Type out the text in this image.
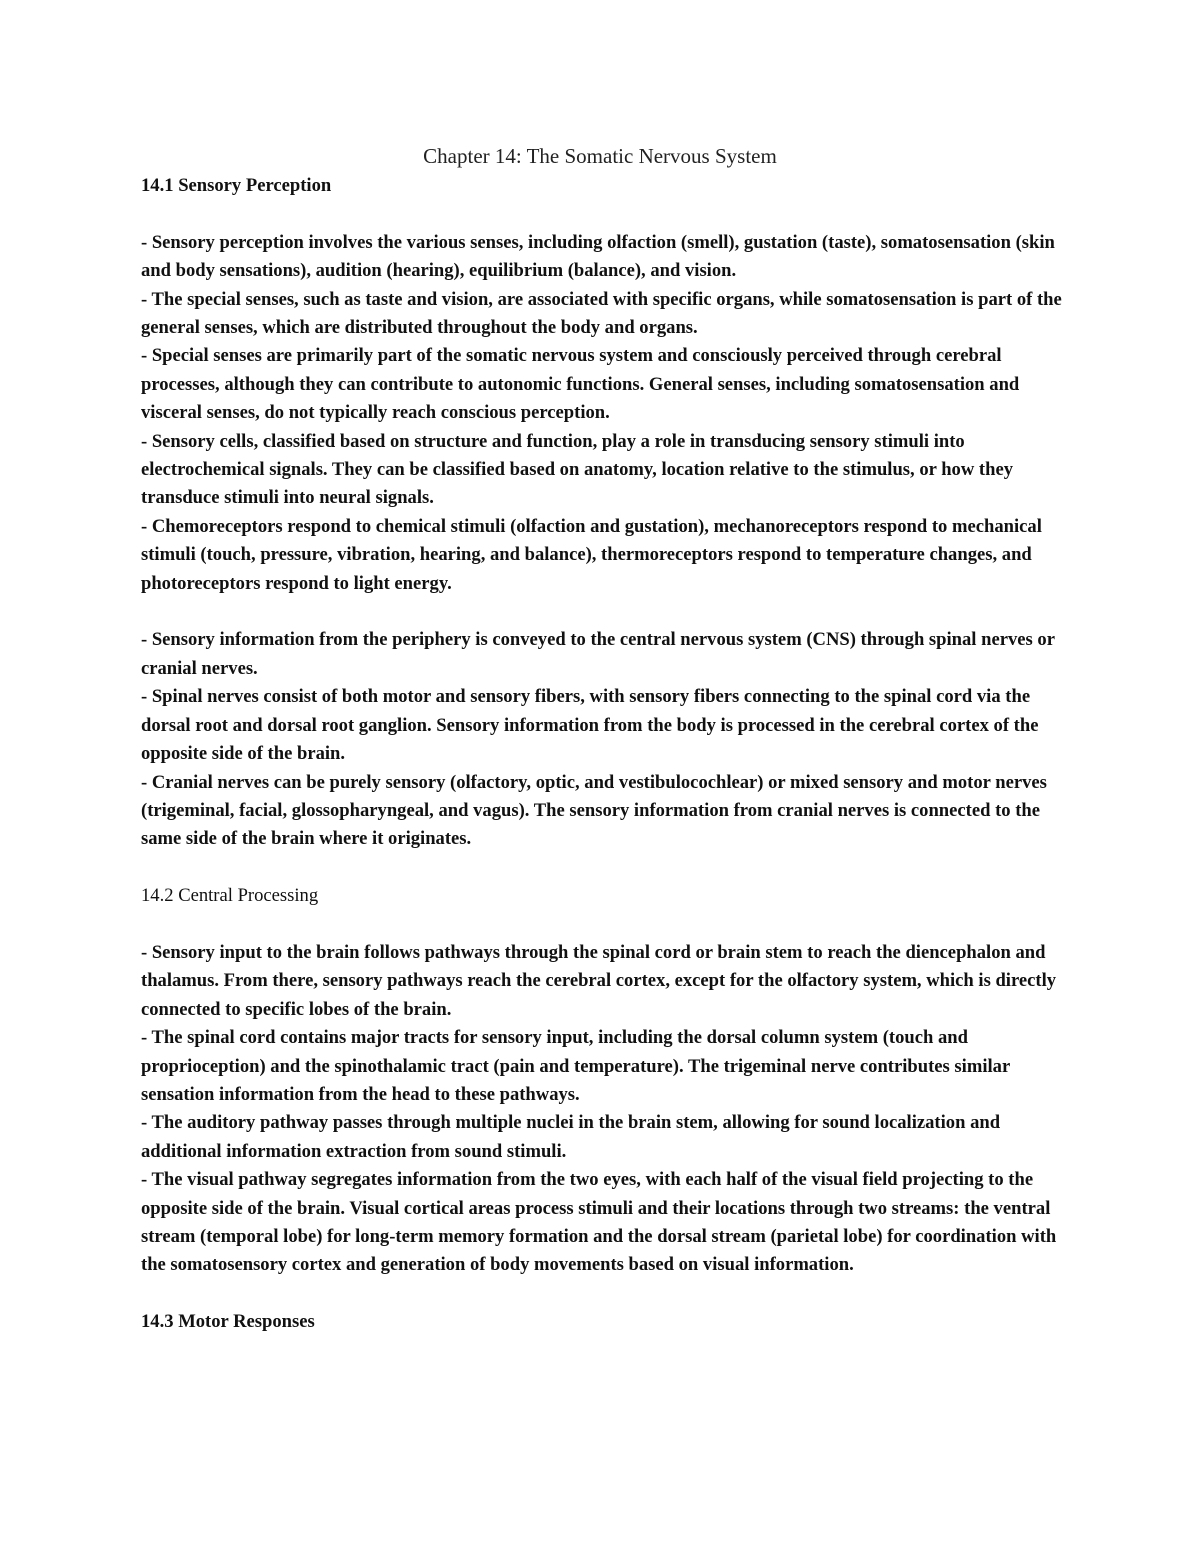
Chapter 14: The Somatic Nervous System
14.1 Sensory Perception

- Sensory perception involves the various senses, including olfaction (smell), gustation (taste), somatosensation (skin and body sensations), audition (hearing), equilibrium (balance), and vision.

- The special senses, such as taste and vision, are associated with specific organs, while somatosensation is part of the general senses, which are distributed throughout the body and organs.

- Special senses are primarily part of the somatic nervous system and consciously perceived through cerebral processes, although they can contribute to autonomic functions. General senses, including somatosensation and visceral senses, do not typically reach conscious perception.

- Sensory cells, classified based on structure and function, play a role in transducing sensory stimuli into electrochemical signals. They can be classified based on anatomy, location relative to the stimulus, or how they transduce stimuli into neural signals.

- Chemoreceptors respond to chemical stimuli (olfaction and gustation), mechanoreceptors respond to mechanical stimuli (touch, pressure, vibration, hearing, and balance), thermoreceptors respond to temperature changes, and photoreceptors respond to light energy.

- Sensory information from the periphery is conveyed to the central nervous system (CNS) through spinal nerves or cranial nerves.

- Spinal nerves consist of both motor and sensory fibers, with sensory fibers connecting to the spinal cord via the dorsal root and dorsal root ganglion. Sensory information from the body is processed in the cerebral cortex of the opposite side of the brain.

- Cranial nerves can be purely sensory (olfactory, optic, and vestibulocochlear) or mixed sensory and motor nerves (trigeminal, facial, glossopharyngeal, and vagus). The sensory information from cranial nerves is connected to the same side of the brain where it originates.

14.2 Central Processing

- Sensory input to the brain follows pathways through the spinal cord or brain stem to reach the diencephalon and thalamus. From there, sensory pathways reach the cerebral cortex, except for the olfactory system, which is directly connected to specific lobes of the brain.

- The spinal cord contains major tracts for sensory input, including the dorsal column system (touch and proprioception) and the spinothalamic tract (pain and temperature). The trigeminal nerve contributes similar sensation information from the head to these pathways.

- The auditory pathway passes through multiple nuclei in the brain stem, allowing for sound localization and additional information extraction from sound stimuli.

- The visual pathway segregates information from the two eyes, with each half of the visual field projecting to the opposite side of the brain. Visual cortical areas process stimuli and their locations through two streams: the ventral stream (temporal lobe) for long-term memory formation and the dorsal stream (parietal lobe) for coordination with the somatosensory cortex and generation of body movements based on visual information.

14.3 Motor Responses
